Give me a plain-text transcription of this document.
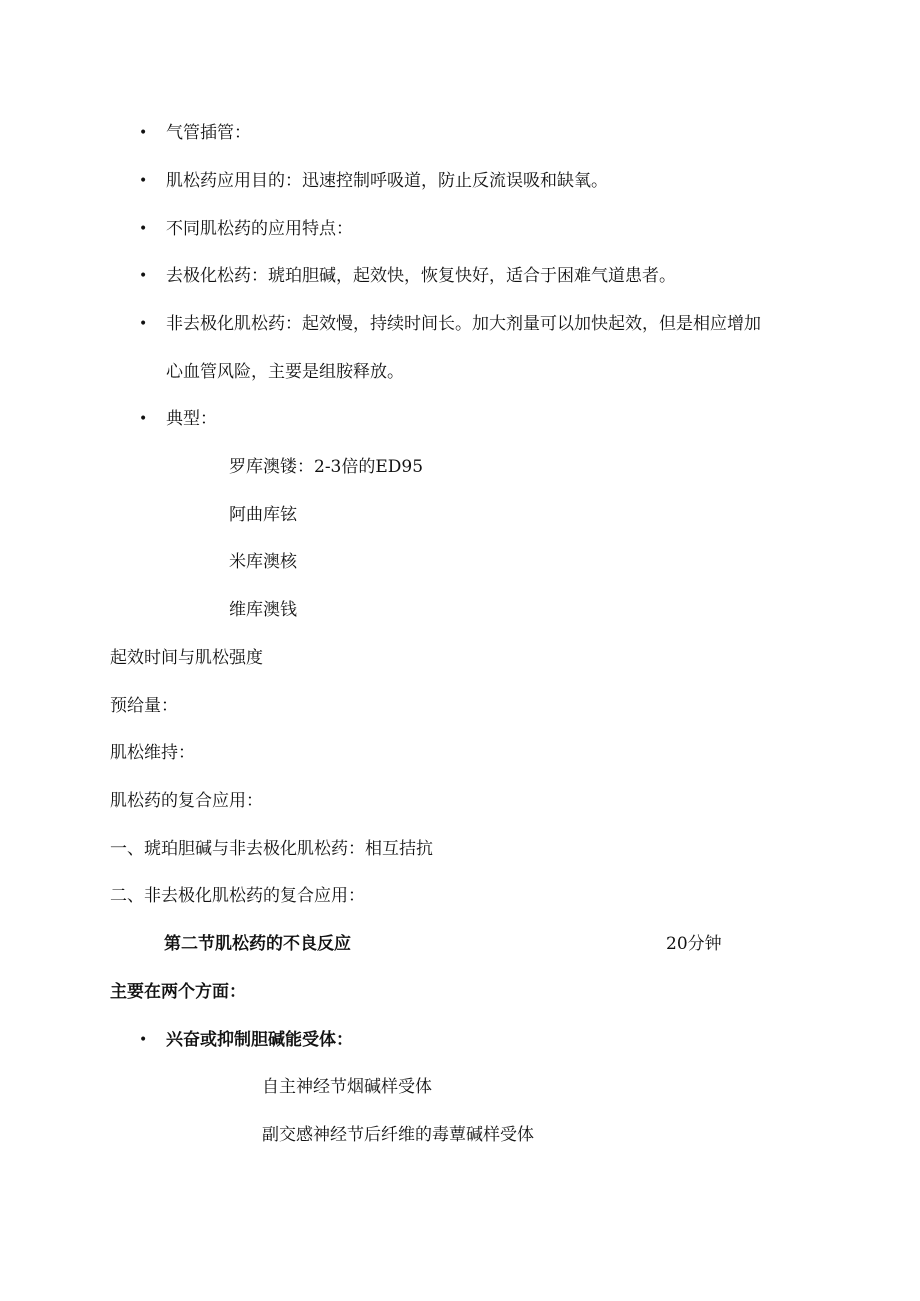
• 气管插管：
• 肌松药应用目的：迅速控制呼吸道，防止反流误吸和缺氧。
• 不同肌松药的应用特点：
• 去极化松药：琥珀胆碱，起效快，恢复快好，适合于困难气道患者。
• 非去极化肌松药：起效慢，持续时间长。加大剂量可以加快起效，但是相应增加
心血管风险，主要是组胺释放。
• 典型：
罗库澳镂：2-3倍的ED95
阿曲库铉
米库澳核
维库澳钱
起效时间与肌松强度
预给量：
肌松维持：
肌松药的复合应用：
一、琥珀胆碱与非去极化肌松药：相互拮抗
二、非去极化肌松药的复合应用：
第二节肌松药的不良反应	20分钟
主要在两个方面：
• 兴奋或抑制胆碱能受体：
自主神经节烟碱样受体
副交感神经节后纤维的毒蕈碱样受体
